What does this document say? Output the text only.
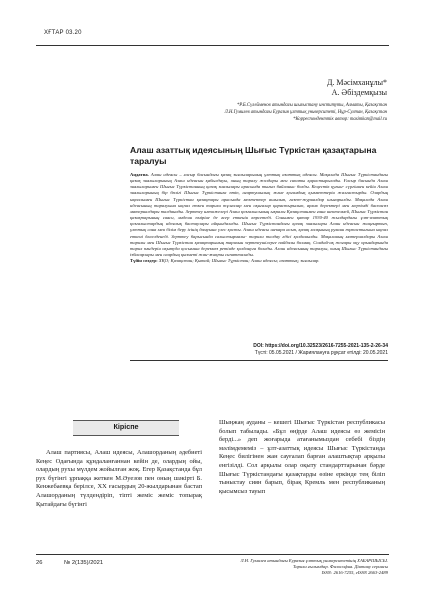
ХҒТАР 03.20
Д. Мәсімханұлы*
А. Әбіздемқызы
*Р.Б.Сүлейменов атындағы шығыстану институты, Алматы, Қазақстан
Л.Н.Гумилев атындағы Еуразия ұлттық университеті, Нұр-Султан, Қазақстан
*Корреспонденттік автор: masimkan@mail.ru
Алаш азаттық идеясының Шығыс Түркістан қазақтарына таралуы

Аңдатпа. Алаш идеясы – ғасыр басындағы қазақ зиялыларының ұлттық азаттық идеясы. Мақалада Шығыс Түркістандағы қазақ зиялыларының Алаш идеясын қабылдауы, оның таралу жолдары мен сипаты қарастырылады. Ғасыр басында Алаш зиялыларымен Шығыс Түркістанның қазақ зиялылары арасында тығыз байланыс болды. Кеңестік қуғын- сүргіннен кейін Алаш зиялыларының бір бөлігі Шығыс Түркістанға өтіп, ағартушылық және қоғамдық қызметтерін жалғастырды. Олардың ықпалымен Шығыс Түркістан қазақтары арасында мектептер ашылып, газет-журналдар шығарылды. Мақалада Алаш идеясының таралуына ықпал еткен тарихи тұлғалар мен оқиғалар қарастырылып, архив деректері мен мерзімді баспасөз материалдары талданады. Зерттеу нәтижелері Алаш қозғалысының ықпалы Қазақстанмен ғана шектелмей, Шығыс Түркістан қазақтарының саяси, мәдени өміріне де әсер еткенін көрсетеді. Сонымен қатар 1930-40 жылдардағы ұлт-азаттық қозғалыстардың идеялық бастаулары айқындалады. Шығыс Түркістандағы қазақ зиялылары Алаш идеясын жаңғыртып, ұлттық сана мен білім беру ісінің дамуына үлес қосты. Алаш идеясы шекара асып, қазақ халқының рухани тұтастығына ықпал еткені дәлелденеді. Зерттеу барысында салыстырмалы- тарихи талдау әдісі қолданылды. Мақаланың материалдары Алаш тарихы мен Шығыс Түркістан қазақтарының тарихын зерттеушілерге пайдалы болмақ. Сондай-ақ жоғары оқу орындарында тарих пәндерін оқытуда қосымша дереккөз ретінде қолдануға болады. Алаш идеясының таралуы, оның Шығыс Түркістандағы ізбасарлары мен олардың қызметі жан-жақты сипатталады.

Түйін сөздер: ХҚО; Қазақстан; Қытай; Шығыс Түркістан; Алаш идеясы; азаттық; зиялылар.

DOI: https://doi.org/10.32523/2616-7255-2021-135-2-26-34
Түсті: 05.05.2021 / Жариялануға рұқсат етілді: 20.05.2021
Кіріспе

Алаш партиясы, Алаш идеясы, Алашорданың әдебиеті Кеңес Одағында құндаланғаннан кейін де, олардың ойы, олардың рухы мүлдем жойылған жоқ. Егер Қазақстанда бұл рух бүгінгі ұрпаққа жеткен М.Әуезов пен оның шәкірті Б. Кенжебаевқа берілсе, ХХ ғасырдың 20-жылдарынан бастап Алашорданың түлдендіріп, тіпті жеміс жеміс топырақ Қытайдағы бүгінгі

Шыңжаң ауданы – кешегі Шығыс Түркістан республикасы болып табылады. «Бұл өңірде Алаш идеясы өз жемісін берді...» деп жоғарыда атағанымыздан себебі біздің мәлімдемеміз – ұлт-азаттық идеясы Шығыс Түркістанда Кеңес билігінен жан сауғалап барған алаштықтар арқылы енгізілді. Сол арқылы олар оқыту стандарттарынан бәрде Шығыс Түркістандағы қазақтарды өзіне еркінде тең біліп тыныстау сиян барып, бірақ Кремль мен республиканың қысымсыз тауып

26	№ 2(135)/2021	Л.Н. Гумилев атындағы Еуразия ұлттық университетінің ХАБАРШЫСЫ.
Тарихи ғылымдар. Философия. Дінтану сериясы
ISSN: 2616-7255, eISSN 2663-2489
